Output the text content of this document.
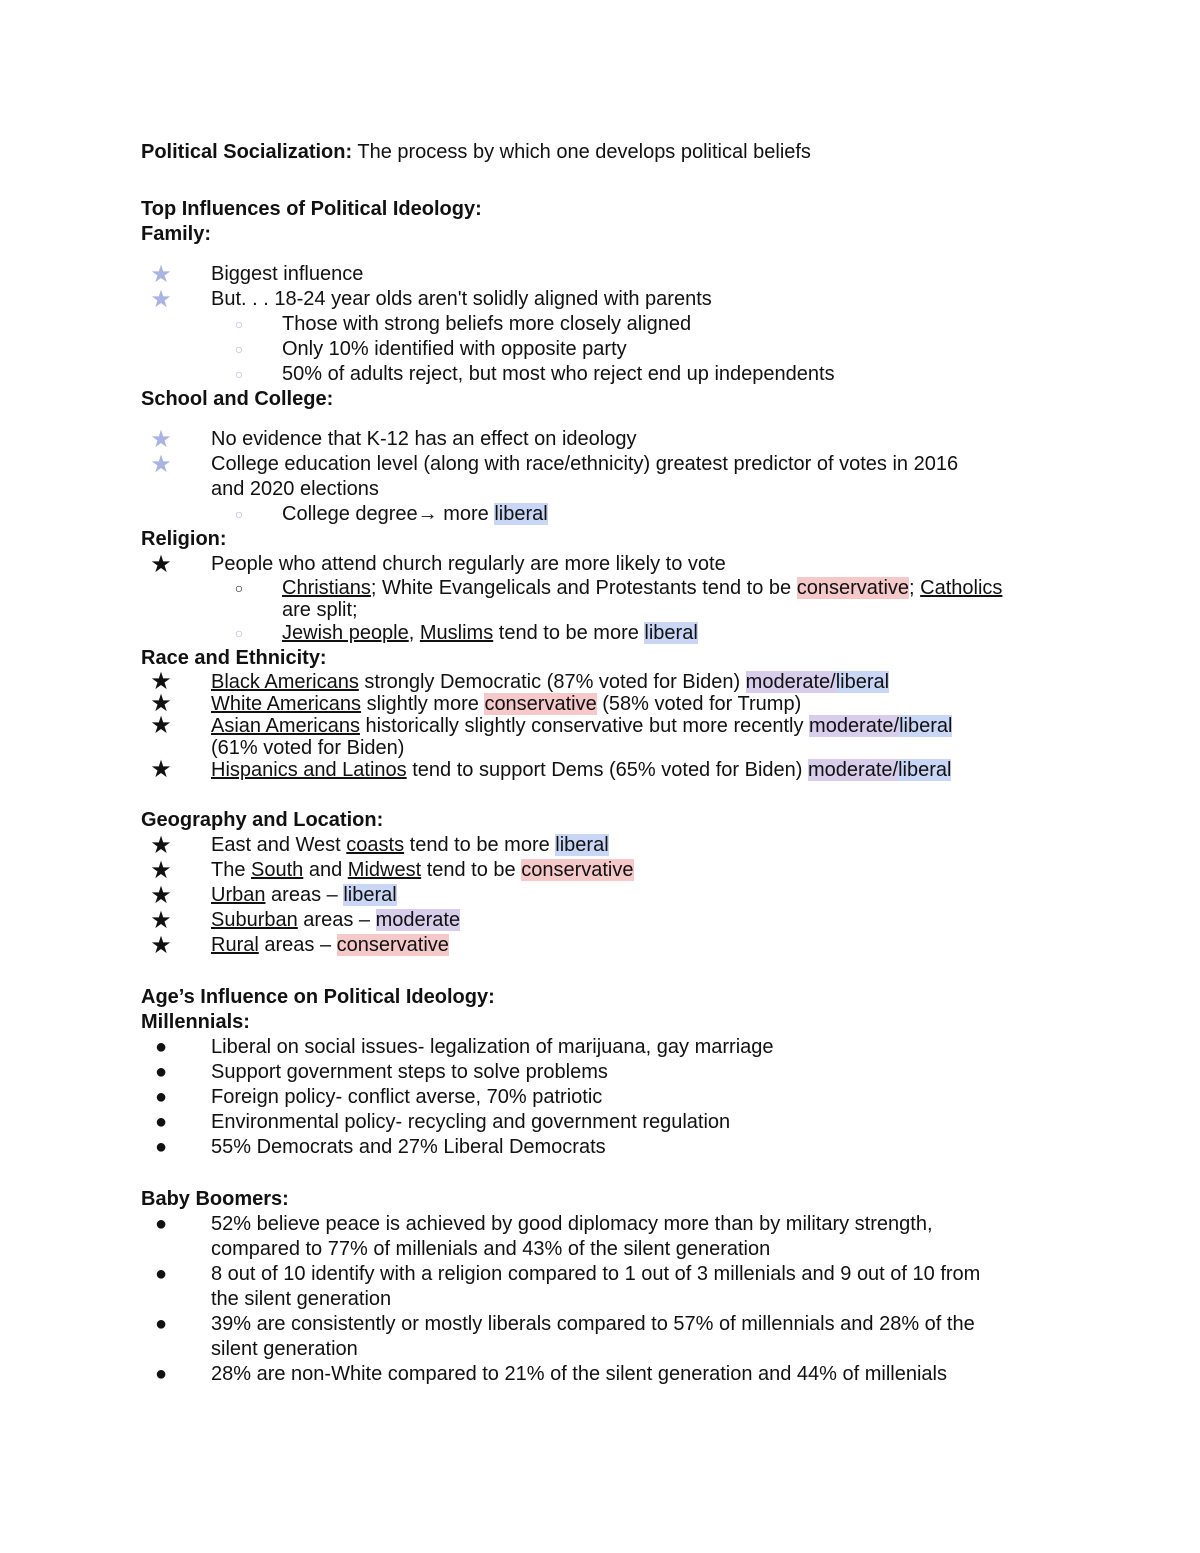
Political Socialization: The process by which one develops political beliefs

Top Influences of Political Ideology:

Family:

★	Biggest influence
★	But. . . 18-24 year olds aren't solidly aligned with parents
○	Those with strong beliefs more closely aligned
○	Only 10% identified with opposite party
○	50% of adults reject, but most who reject end up independents

School and College:

★	No evidence that K-12 has an effect on ideology
★	College education level (along with race/ethnicity) greatest predictor of votes in 2016
and 2020 elections
○	College degree→ more liberal

Religion:

★	People who attend church regularly are more likely to vote
○	Christians; White Evangelicals and Protestants tend to be conservative; Catholics
are split;
○	Jewish people, Muslims tend to be more liberal

Race and Ethnicity:

★	Black Americans strongly Democratic (87% voted for Biden) moderate/liberal
★	White Americans slightly more conservative (58% voted for Trump)
★	Asian Americans historically slightly conservative but more recently moderate/liberal
(61% voted for Biden)
★	Hispanics and Latinos tend to support Dems (65% voted for Biden) moderate/liberal

Geography and Location:

★	East and West coasts tend to be more liberal
★	The South and Midwest tend to be conservative
★	Urban areas – liberal
★	Suburban areas – moderate
★	Rural areas – conservative

Age’s Influence on Political Ideology:

Millennials:

●	Liberal on social issues- legalization of marijuana, gay marriage
●	Support government steps to solve problems
●	Foreign policy- conflict averse, 70% patriotic
●	Environmental policy- recycling and government regulation
●	55% Democrats and 27% Liberal Democrats

Baby Boomers:

●	52% believe peace is achieved by good diplomacy more than by military strength,
compared to 77% of millenials and 43% of the silent generation
●	8 out of 10 identify with a religion compared to 1 out of 3 millenials and 9 out of 10 from
the silent generation
●	39% are consistently or mostly liberals compared to 57% of millennials and 28% of the
silent generation
●	28% are non-White compared to 21% of the silent generation and 44% of millenials
